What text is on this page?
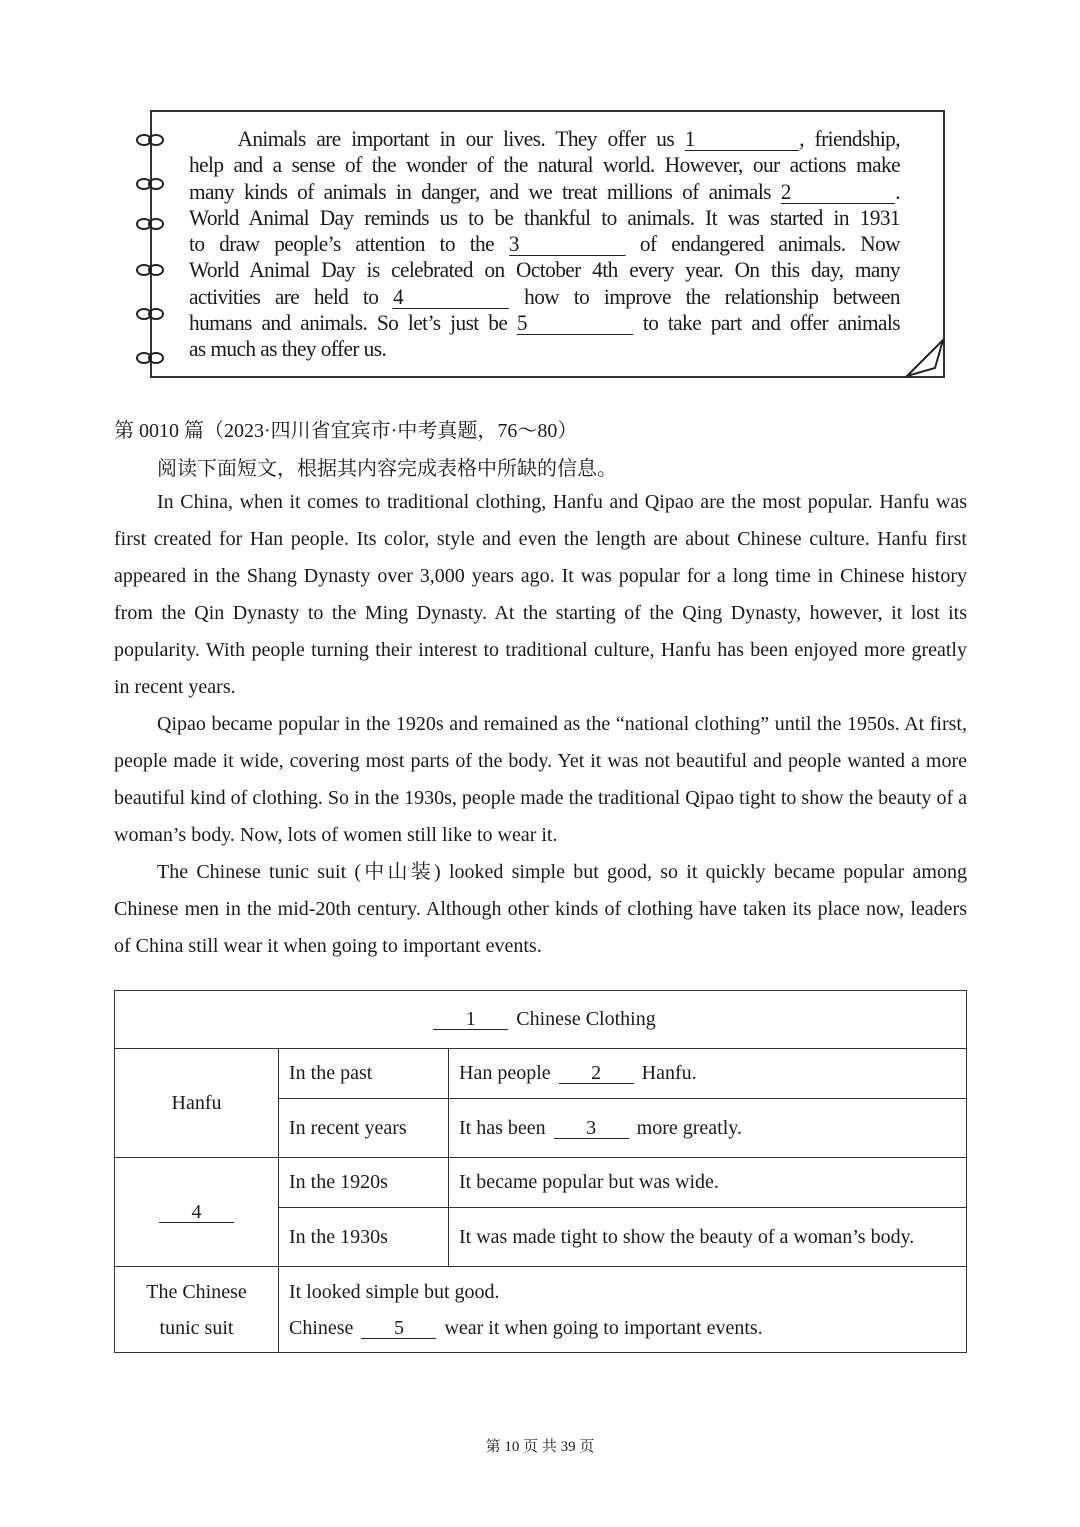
Animals are important in our lives. They offer us 1	, friendship,
help and a sense of the wonder of the natural world. However, our actions make
many kinds of animals in danger, and we treat millions of animals 2	.
World Animal Day reminds us to be thankful to animals. It was started in 1931
to draw people’s attention to the 3	of endangered animals. Now
World Animal Day is celebrated on October 4th every year. On this day, many
activities are held to 4	how to improve the relationship between
humans and animals. So let’s just be 5	to take part and offer animals
as much as they offer us.
第 0010 篇（2023·四川省宜宾市·中考真题，76～80）
阅读下面短文，根据其内容完成表格中所缺的信息。

In China, when it comes to traditional clothing, Hanfu and Qipao are the most popular. Hanfu was first created for Han people. Its color, style and even the length are about Chinese culture. Hanfu first appeared in the Shang Dynasty over 3,000 years ago. It was popular for a long time in Chinese history from the Qin Dynasty to the Ming Dynasty. At the starting of the Qing Dynasty, however, it lost its popularity. With people turning their interest to traditional culture, Hanfu has been enjoyed more greatly in recent years.

Qipao became popular in the 1920s and remained as the “national clothing” until the 1950s. At first, people made it wide, covering most parts of the body. Yet it was not beautiful and people wanted a more beautiful kind of clothing. So in the 1930s, people made the traditional Qipao tight to show the beauty of a woman’s body. Now, lots of women still like to wear it.

The Chinese tunic suit (中山装) looked simple but good, so it quickly became popular among Chinese men in the mid-20th century. Although other kinds of clothing have taken its place now, leaders of China still wear it when going to important events.

1 Chinese Clothing		
Hanfu	In the past	Han people 2 Hanfu.
	In recent years	It has been 3 more greatly.
4	In the 1920s	It became popular but was wide.
	In the 1930s	It was made tight to show the beauty of a woman’s body.
The Chinese
tunic suit	It looked simple but good.
Chinese 5 wear it when going to important events.	
第 10 页 共 39 页
